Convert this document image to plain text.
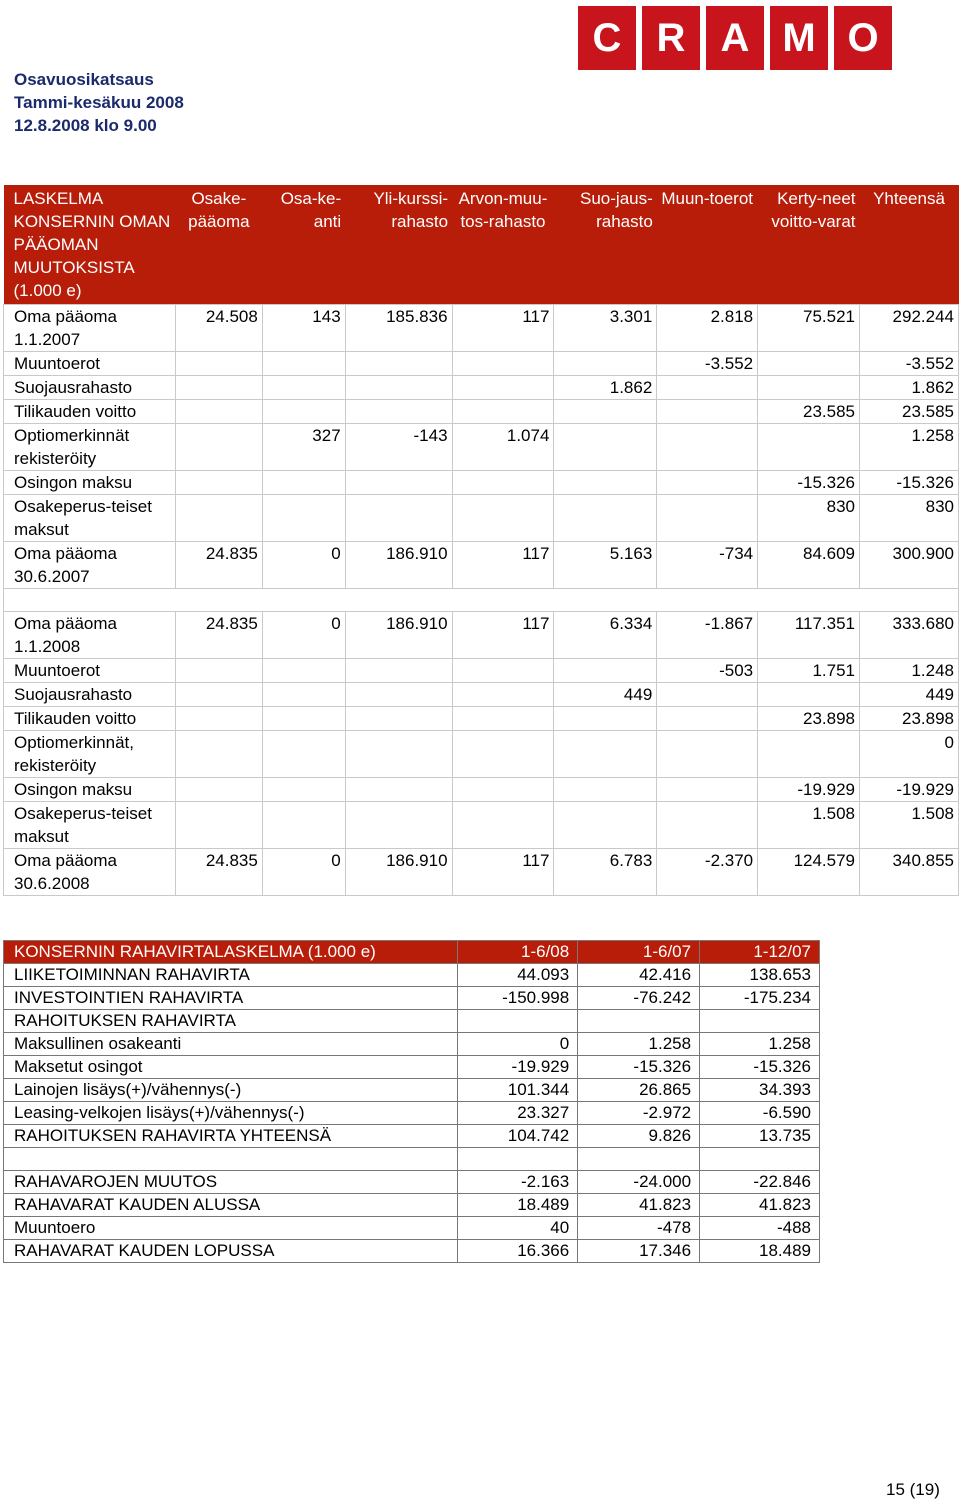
Osavuosikatsaus
Tammi-kesäkuu 2008
12.8.2008 klo 9.00
C R A M O
LASKELMA KONSERNIN OMAN PÄÄOMAN MUUTOKSISTA (1.000 e)	Osake-pääoma	Osa-ke-anti	Yli-kurssi-rahasto	Arvon-muu-tos-rahasto	Suo-jaus-rahasto	Muun-toerot	Kerty-neet voitto-varat	Yhteensä
Oma pääoma 1.1.2007	24.508	143	185.836	117	3.301	2.818	75.521	292.244
Muuntoerot						-3.552		-3.552
Suojausrahasto					1.862			1.862
Tilikauden voitto							23.585	23.585
Optiomerkinnät rekisteröity		327	-143	1.074				1.258
Osingon maksu							-15.326	-15.326
Osakeperus-teiset maksut							830	830
Oma pääoma 30.6.2007	24.835	0	186.910	117	5.163	-734	84.609	300.900

Oma pääoma 1.1.2008	24.835	0	186.910	117	6.334	-1.867	117.351	333.680
Muuntoerot						-503	1.751	1.248
Suojausrahasto					449			449
Tilikauden voitto							23.898	23.898
Optiomerkinnät, rekisteröity								0
Osingon maksu							-19.929	-19.929
Osakeperus-teiset maksut							1.508	1.508
Oma pääoma 30.6.2008	24.835	0	186.910	117	6.783	-2.370	124.579	340.855
KONSERNIN RAHAVIRTALASKELMA (1.000 e)	1-6/08	1-6/07	1-12/07
LIIKETOIMINNAN RAHAVIRTA	44.093	42.416	138.653
INVESTOINTIEN RAHAVIRTA	-150.998	-76.242	-175.234
RAHOITUKSEN RAHAVIRTA			
Maksullinen osakeanti	0	1.258	1.258
Maksetut osingot	-19.929	-15.326	-15.326
Lainojen lisäys(+)/vähennys(-)	101.344	26.865	34.393
Leasing-velkojen lisäys(+)/vähennys(-)	23.327	-2.972	-6.590
RAHOITUKSEN RAHAVIRTA YHTEENSÄ	104.742	9.826	13.735

RAHAVAROJEN MUUTOS	-2.163	-24.000	-22.846
RAHAVARAT KAUDEN ALUSSA	18.489	41.823	41.823
Muuntoero	40	-478	-488
RAHAVARAT KAUDEN LOPUSSA	16.366	17.346	18.489
15 (19)
